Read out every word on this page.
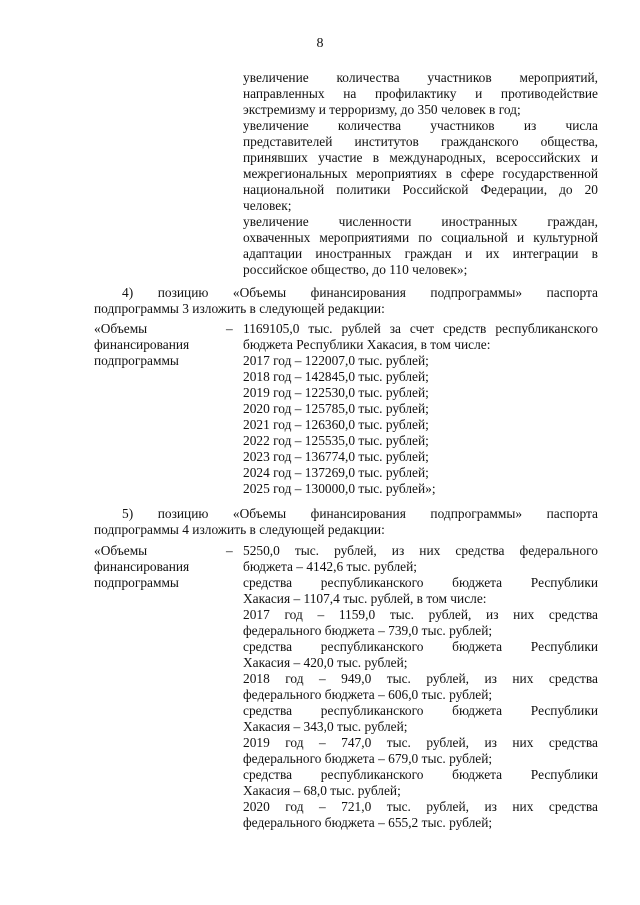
8
увеличение количества участников мероприятий,
направленных на профилактику и противодействие
экстремизму и терроризму, до 350 человек в год;
увеличение количества участников из числа
представителей институтов гражданского общества,
принявших участие в международных, всероссийских и
межрегиональных мероприятиях в сфере государственной
национальной политики Российской Федерации, до 20
человек;
увеличение численности иностранных граждан,
охваченных мероприятиями по социальной и культурной
адаптации иностранных граждан и их интеграции в
российское общество, до 110 человек»;
4) позицию «Объемы финансирования подпрограммы» паспорта
подпрограммы 3 изложить в следующей редакции:
«Объемы
финансирования
подпрограммы
– 1169105,0 тыс. рублей за счет средств республиканского
бюджета Республики Хакасия, в том числе:
2017 год – 122007,0 тыс. рублей;
2018 год – 142845,0 тыс. рублей;
2019 год – 122530,0 тыс. рублей;
2020 год – 125785,0 тыс. рублей;
2021 год – 126360,0 тыс. рублей;
2022 год – 125535,0 тыс. рублей;
2023 год – 136774,0 тыс. рублей;
2024 год – 137269,0 тыс. рублей;
2025 год – 130000,0 тыс. рублей»;
5) позицию «Объемы финансирования подпрограммы» паспорта
подпрограммы 4 изложить в следующей редакции:
«Объемы
финансирования
подпрограммы
– 5250,0 тыс. рублей, из них средства федерального
бюджета – 4142,6 тыс. рублей;
средства республиканского бюджета Республики
Хакасия – 1107,4 тыс. рублей, в том числе:
2017 год – 1159,0 тыс. рублей, из них средства
федерального бюджета – 739,0 тыс. рублей;
средства республиканского бюджета Республики
Хакасия – 420,0 тыс. рублей;
2018 год – 949,0 тыс. рублей, из них средства
федерального бюджета – 606,0 тыс. рублей;
средства республиканского бюджета Республики
Хакасия – 343,0 тыс. рублей;
2019 год – 747,0 тыс. рублей, из них средства
федерального бюджета – 679,0 тыс. рублей;
средства республиканского бюджета Республики
Хакасия – 68,0 тыс. рублей;
2020 год – 721,0 тыс. рублей, из них средства
федерального бюджета – 655,2 тыс. рублей;
